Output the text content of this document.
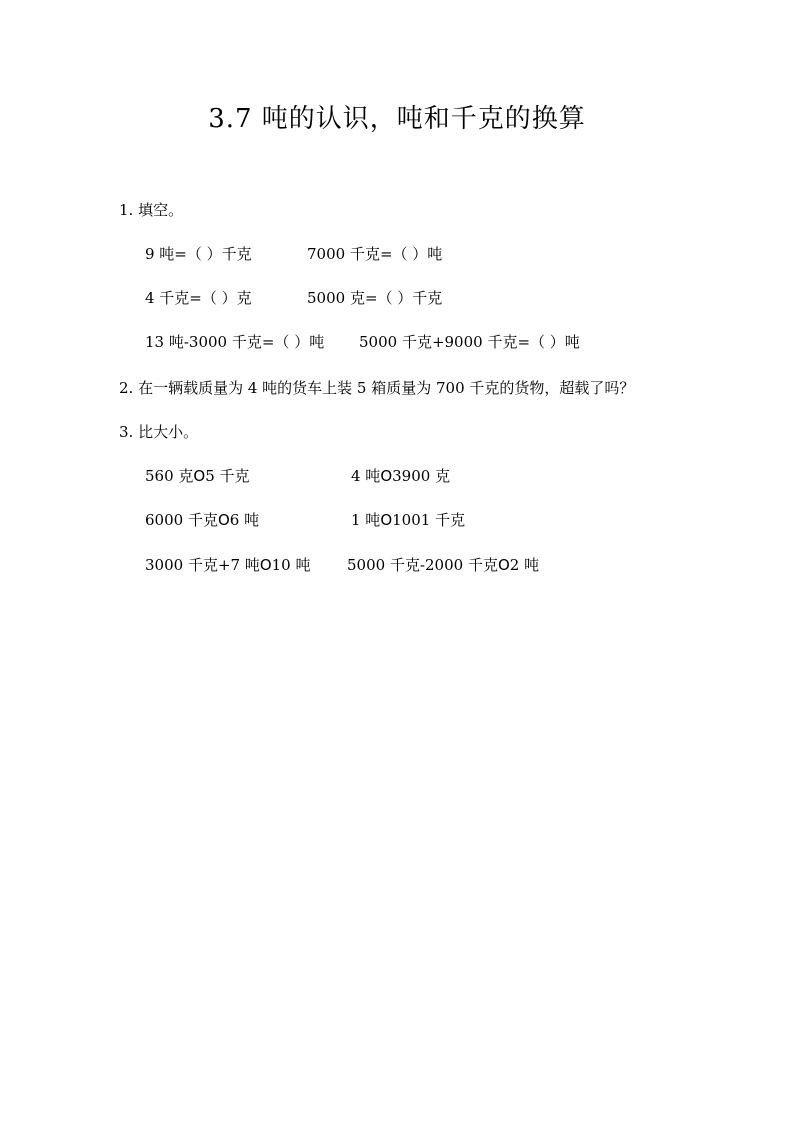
3.7 吨的认识，吨和千克的换算
1. 填空。
9 吨=（ ）千克	7000 千克=（ ）吨
4 千克=（ ）克	5000 克=（ ）千克
13 吨-3000 千克=（ ）吨 5000 千克+9000 千克=（ ）吨
2. 在一辆载质量为 4 吨的货车上装 5 箱质量为 700 千克的货物，超载了吗？
3. 比大小。
560 克O5 千克	4 吨O3900 克
6000 千克O6 吨	1 吨O1001 千克
3000 千克+7 吨O10 吨 5000 千克-2000 千克O2 吨
